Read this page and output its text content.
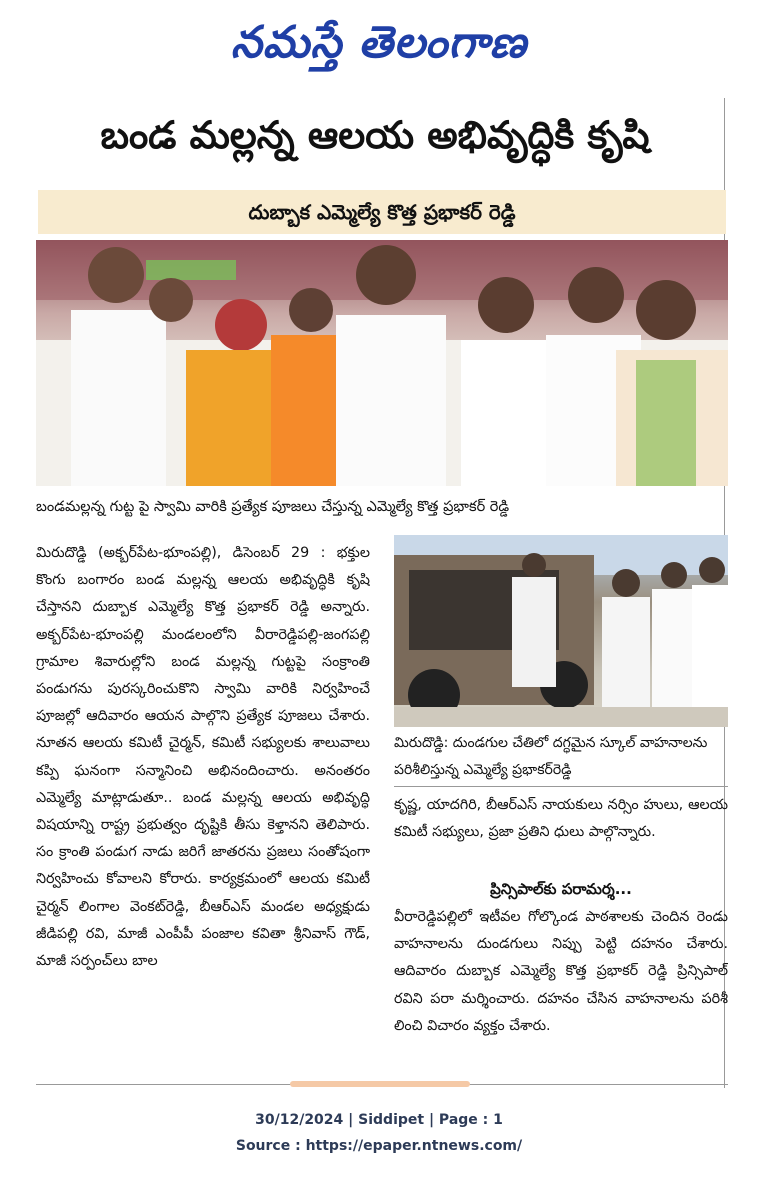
నమస్తే తెలంగాణ
బండ మల్లన్న ఆలయ అభివృద్ధికి కృషి
దుబ్బాక ఎమ్మెల్యే కొత్త ప్రభాకర్ రెడ్డి
బండమల్లన్న గుట్ట పై స్వామి వారికి ప్రత్యేక పూజలు చేస్తున్న ఎమ్మెల్యే కొత్త ప్రభాకర్ రెడ్డి
మిరుదొడ్డి (అక్బర్‌పేట-భూంపల్లి), డిసెంబర్ 29 : భక్తుల కొంగు బంగారం బండ మల్లన్న ఆలయ అభివృద్ధికి కృషి చేస్తానని దుబ్బాక ఎమ్మెల్యే కొత్త ప్రభాకర్ రెడ్డి అన్నారు. అక్బర్‌పేట-భూంపల్లి మండలంలోని వీరారెడ్డిపల్లి-జంగపల్లి గ్రామాల శివారుల్లోని బండ మల్లన్న గుట్టపై సంక్రాంతి పండుగను పురస్కరించుకొని స్వామి వారికి నిర్వహించే పూజల్లో ఆదివారం ఆయన పాల్గొని ప్రత్యేక పూజలు చేశారు. నూతన ఆలయ కమిటీ చైర్మన్, కమిటీ సభ్యులకు శాలువాలు కప్పి ఘనంగా సన్మానించి అభినందించారు. అనంతరం ఎమ్మెల్యే మాట్లాడుతూ.. బండ మల్లన్న ఆలయ అభివృద్ధి విషయాన్ని రాష్ట్ర ప్రభుత్వం దృష్టికి తీసు కెళ్తానని తెలిపారు. సం క్రాంతి పండుగ నాడు జరిగే జాతరను ప్రజలు సంతోషంగా నిర్వహించు కోవాలని కోరారు. కార్యక్రమంలో ఆలయ కమిటీ చైర్మన్ లింగాల వెంకట్‌రెడ్డి, బీఆర్‌ఎస్ మండల అధ్యక్షుడు జీడిపల్లి రవి, మాజీ ఎంపీపీ పంజాల కవితా శ్రీనివాస్ గౌడ్, మాజీ సర్పంచ్‌లు బాల
మిరుదొడ్డి: దుండగుల చేతిలో దగ్ధమైన స్కూల్ వాహనాలను పరిశీలిస్తున్న ఎమ్మెల్యే ప్రభాకర్‌రెడ్డి
కృష్ణ, యాదగిరి, బీఆర్‌ఎస్ నాయకులు నర్సిం హులు, ఆలయ కమిటీ సభ్యులు, ప్రజా ప్రతిని ధులు పాల్గొన్నారు.
ప్రిన్సిపాల్‌కు పరామర్శ...
వీరారెడ్డిపల్లిలో ఇటీవల గోల్కొండ పాఠశాలకు చెందిన రెండు వాహనాలను దుండగులు నిప్పు పెట్టి దహనం చేశారు. ఆదివారం దుబ్బాక ఎమ్మెల్యే కొత్త ప్రభాకర్ రెడ్డి ప్రిన్సిపాల్ రవిని పరా మర్శించారు. దహనం చేసిన వాహనాలను పరిశీ లించి విచారం వ్యక్తం చేశారు.
30/12/2024 | Siddipet | Page : 1
Source : https://epaper.ntnews.com/
